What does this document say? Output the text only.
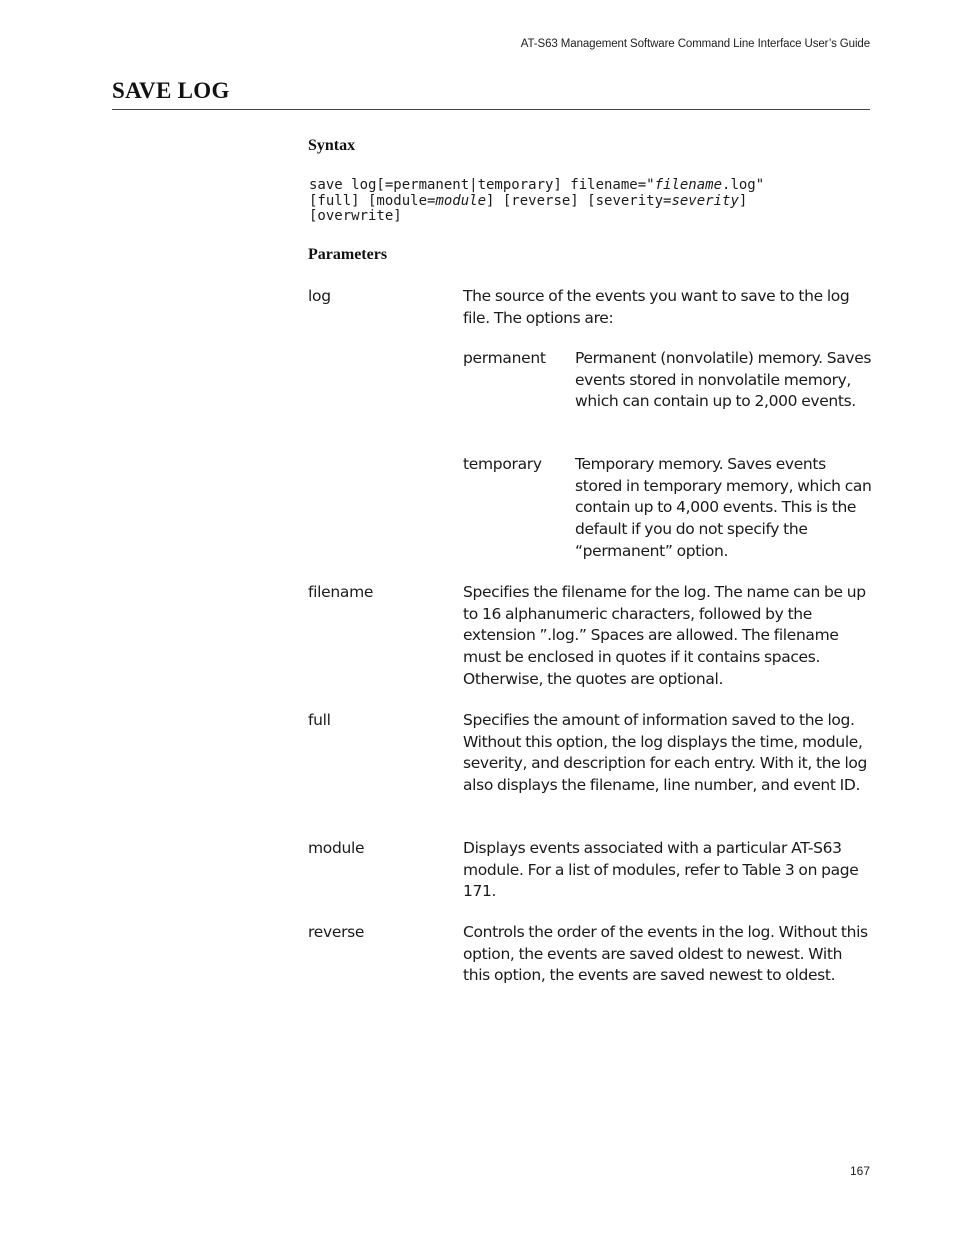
AT-S63 Management Software Command Line Interface User’s Guide
SAVE LOG
Syntax
save log[=permanent|temporary] filename="filename.log"
[full] [module=module] [reverse] [severity=severity]
[overwrite]
Parameters
log	The source of the events you want to save to the log file. The options are:
permanent Permanent (nonvolatile) memory. Saves events stored in nonvolatile memory, which can contain up to 2,000 events.
temporary Temporary memory. Saves events stored in temporary memory, which can contain up to 4,000 events. This is the default if you do not specify the “permanent” option.
filename	Specifies the filename for the log. The name can be up to 16 alphanumeric characters, followed by the extension ”.log.” Spaces are allowed. The filename must be enclosed in quotes if it contains spaces. Otherwise, the quotes are optional.
full	Specifies the amount of information saved to the log. Without this option, the log displays the time, module, severity, and description for each entry. With it, the log also displays the filename, line number, and event ID.
module	Displays events associated with a particular AT-S63 module. For a list of modules, refer to Table 3 on page 171.
reverse	Controls the order of the events in the log. Without this option, the events are saved oldest to newest. With this option, the events are saved newest to oldest.
167
